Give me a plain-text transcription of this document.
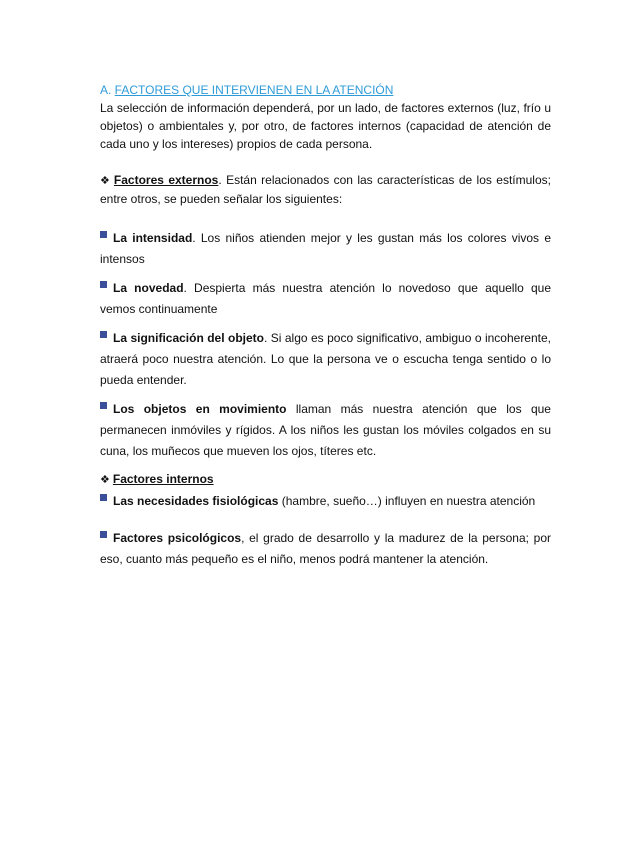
A. FACTORES QUE INTERVIENEN EN LA ATENCIÓN

La selección de información dependerá, por un lado, de factores externos (luz, frío u objetos) o ambientales y, por otro, de factores internos (capacidad de atención de cada uno y los intereses) propios de cada persona.

❖ Factores externos. Están relacionados con las características de los estímulos; entre otros, se pueden señalar los siguientes:

La intensidad. Los niños atienden mejor y les gustan más los colores vivos e intensos
La novedad. Despierta más nuestra atención lo novedoso que aquello que vemos continuamente
La significación del objeto. Si algo es poco significativo, ambiguo o incoherente, atraerá poco nuestra atención. Lo que la persona ve o escucha tenga sentido o lo pueda entender.
Los objetos en movimiento llaman más nuestra atención que los que permanecen inmóviles y rígidos. A los niños les gustan los móviles colgados en su cuna, los muñecos que mueven los ojos, títeres etc.

❖ Factores internos

Las necesidades fisiológicas (hambre, sueño…) influyen en nuestra atención
Factores psicológicos, el grado de desarrollo y la madurez de la persona; por eso, cuanto más pequeño es el niño, menos podrá mantener la atención.
